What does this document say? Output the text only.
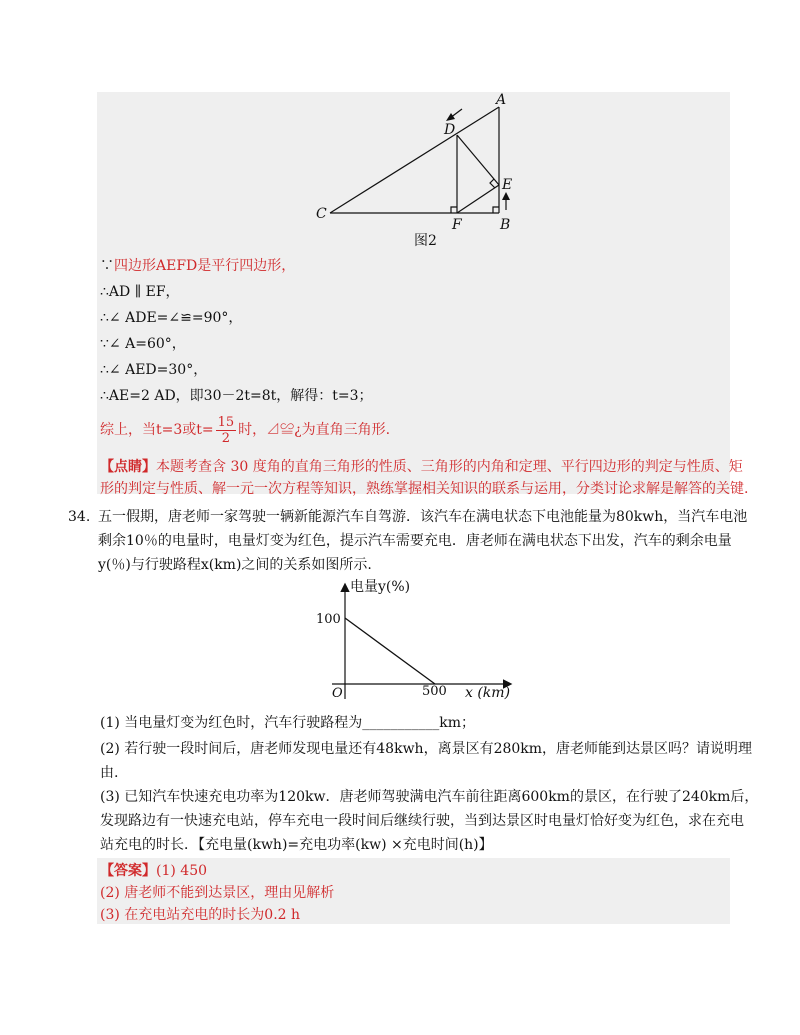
A
B
C
D
E
F
图2
∵四边形AEFD是平行四边形，
∴AD ∥ EF，
∴∠ ADE=∠≌=90°，
∵∠ A=60°，
∴∠ AED=30°，
∴AE=2 AD，即30－2t=8t，解得：t=3；
综上，当t=3或$t= \frac{15}{2}$ 时，⊿≌¿为直角三角形.
【点睛】本题考查含 30 度角的直角三角形的性质、三角形的内角和定理、平行四边形的判定与性质、矩
形的判定与性质、解一元一次方程等知识，熟练掌握相关知识的联系与运用，分类讨论求解是解答的关键.
34. 五一假期，唐老师一家驾驶一辆新能源汽车自驾游．该汽车在满电状态下电池能量为80kwh，当汽车电池
剩余10％的电量时，电量灯变为红色，提示汽车需要充电．唐老师在满电状态下出发，汽车的剩余电量
y(％)与行驶路程x(km)之间的关系如图所示.
电量y(%)
x (km)
O
100
500
(1) 当电量灯变为红色时，汽车行驶路程为___________km；
(2) 若行驶一段时间后，唐老师发现电量还有48kwh，离景区有280km，唐老师能到达景区吗？请说明理
由.
(3) 已知汽车快速充电功率为120kw．唐老师驾驶满电汽车前往距离600km的景区，在行驶了240km后，
发现路边有一快速充电站，停车充电一段时间后继续行驶，当到达景区时电量灯恰好变为红色，求在充电
站充电的时长．【充电量(kwh)=充电功率(kw) ×充电时间(h)】
【答案】(1) 450
(2) 唐老师不能到达景区，理由见解析
(3) 在充电站充电的时长为0.2 h
